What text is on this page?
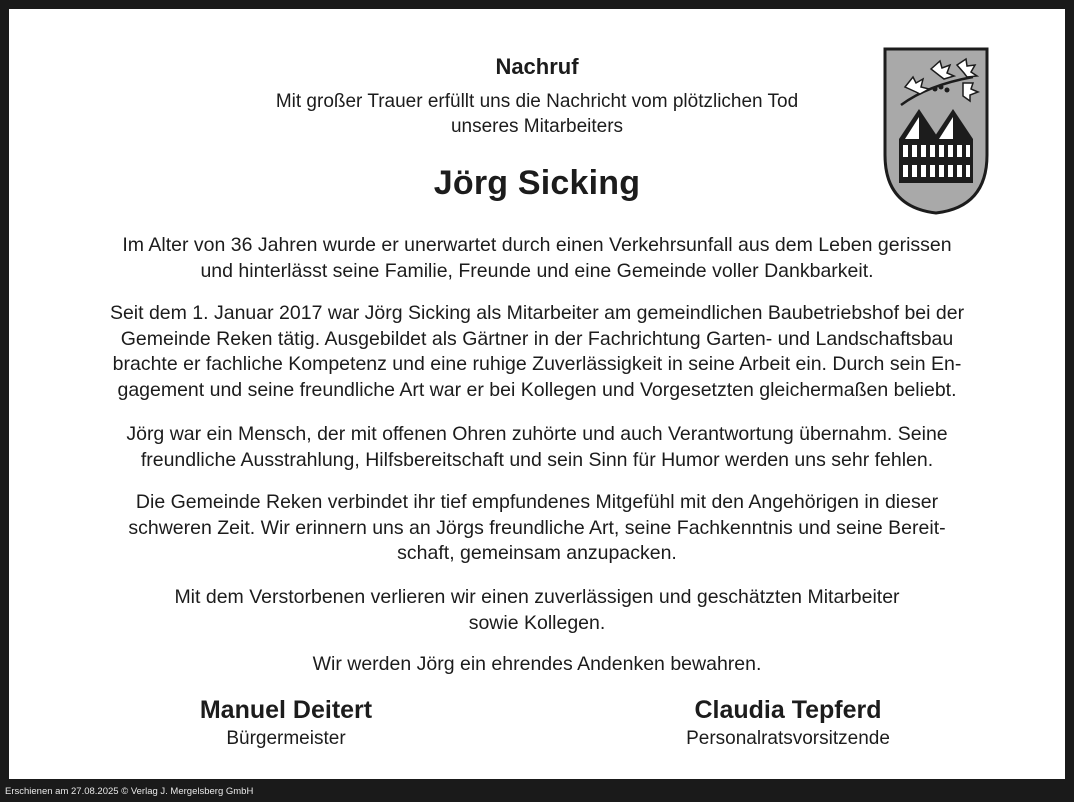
Nachruf
Mit großer Trauer erfüllt uns die Nachricht vom plötzlichen Tod
unseres Mitarbeiters
Jörg Sicking
Im Alter von 36 Jahren wurde er unerwartet durch einen Verkehrsunfall aus dem Leben gerissen
und hinterlässt seine Familie, Freunde und eine Gemeinde voller Dankbarkeit.
Seit dem 1. Januar 2017 war Jörg Sicking als Mitarbeiter am gemeindlichen Baubetriebshof bei der
Gemeinde Reken tätig. Ausgebildet als Gärtner in der Fachrichtung Garten- und Landschaftsbau
brachte er fachliche Kompetenz und eine ruhige Zuverlässigkeit in seine Arbeit ein. Durch sein En-
gagement und seine freundliche Art war er bei Kollegen und Vorgesetzten gleichermaßen beliebt.
Jörg war ein Mensch, der mit offenen Ohren zuhörte und auch Verantwortung übernahm. Seine
freundliche Ausstrahlung, Hilfsbereitschaft und sein Sinn für Humor werden uns sehr fehlen.
Die Gemeinde Reken verbindet ihr tief empfundenes Mitgefühl mit den Angehörigen in dieser
schweren Zeit. Wir erinnern uns an Jörgs freundliche Art, seine Fachkenntnis und seine Bereit-
schaft, gemeinsam anzupacken.
Mit dem Verstorbenen verlieren wir einen zuverlässigen und geschätzten Mitarbeiter
sowie Kollegen.
Wir werden Jörg ein ehrendes Andenken bewahren.
Manuel Deitert
Bürgermeister
Claudia Tepferd
Personalratsvorsitzende
Erschienen am 27.08.2025 © Verlag J. Mergelsberg GmbH
